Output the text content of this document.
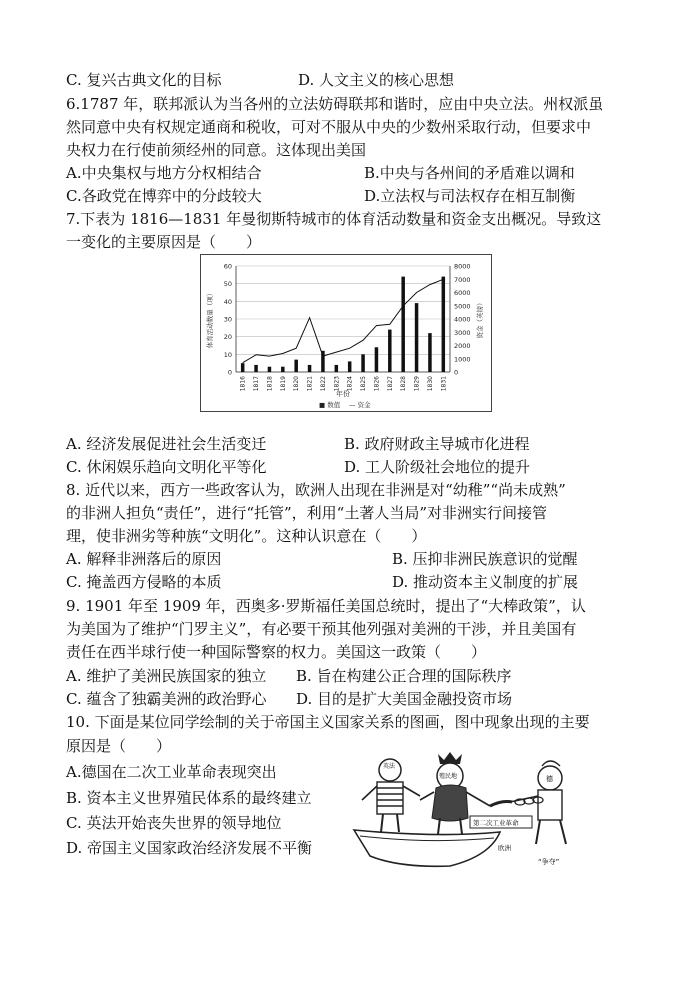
C. 复兴古典文化的目标	D. 人文主义的核心思想
6.1787 年，联邦派认为当各州的立法妨碍联邦和谐时，应由中央立法。州权派虽
然同意中央有权规定通商和税收，可对不服从中央的少数州采取行动，但要求中
央权力在行使前须经州的同意。这体现出美国
A.中央集权与地方分权相结合	B.中央与各州间的矛盾难以调和
C.各政党在博弈中的分歧较大	D.立法权与司法权存在相互制衡
7.下表为 1816—1831 年曼彻斯特城市的体育活动数量和资金支出概况。导致这
一变化的主要原因是（　　）
0
10
20
30
40
50
60
0
1000
2000
3000
4000
5000
6000
7000
8000
1816 1817 1818 1819 1820 1821 1822 1823 1824 1825 1826 1827 1828 1829 1830 1831
体育活动数量（项）	资金（英镑）
年份
■ 数值 — 资金
A. 经济发展促进社会生活变迁	B. 政府财政主导城市化进程
C. 休闲娱乐趋向文明化平等化	D. 工人阶级社会地位的提升
8. 近代以来，西方一些政客认为，欧洲人出现在非洲是对“幼稚”“尚未成熟”
的非洲人担负“责任”，进行“托管”，利用“土著人当局”对非洲实行间接管
理，使非洲劣等种族“文明化”。这种认识意在（　　）
A. 解释非洲落后的原因	B. 压抑非洲民族意识的觉醒
C. 掩盖西方侵略的本质	D. 推动资本主义制度的扩展
9. 1901 年至 1909 年，西奥多·罗斯福任美国总统时，提出了“大棒政策”，认
为美国为了维护“门罗主义”，有必要干预其他列强对美洲的干涉，并且美国有
责任在西半球行使一种国际警察的权力。美国这一政策（　　）
A. 维护了美洲民族国家的独立 B. 旨在构建公正合理的国际秩序
C. 蕴含了独霸美洲的政治野心 D. 目的是扩大美国金融投资市场
10. 下面是某位同学绘制的关于帝国主义国家关系的图画，图中现象出现的主要
原因是（　　）
A.德国在二次工业革命表现突出
B. 资本主义世界殖民体系的最终建立
C. 英法开始丧失世界的领导地位
D. 帝国主义国家政治经济发展不平衡
英法
殖民地	德
第二次工业革命
欧洲
“争夺”
